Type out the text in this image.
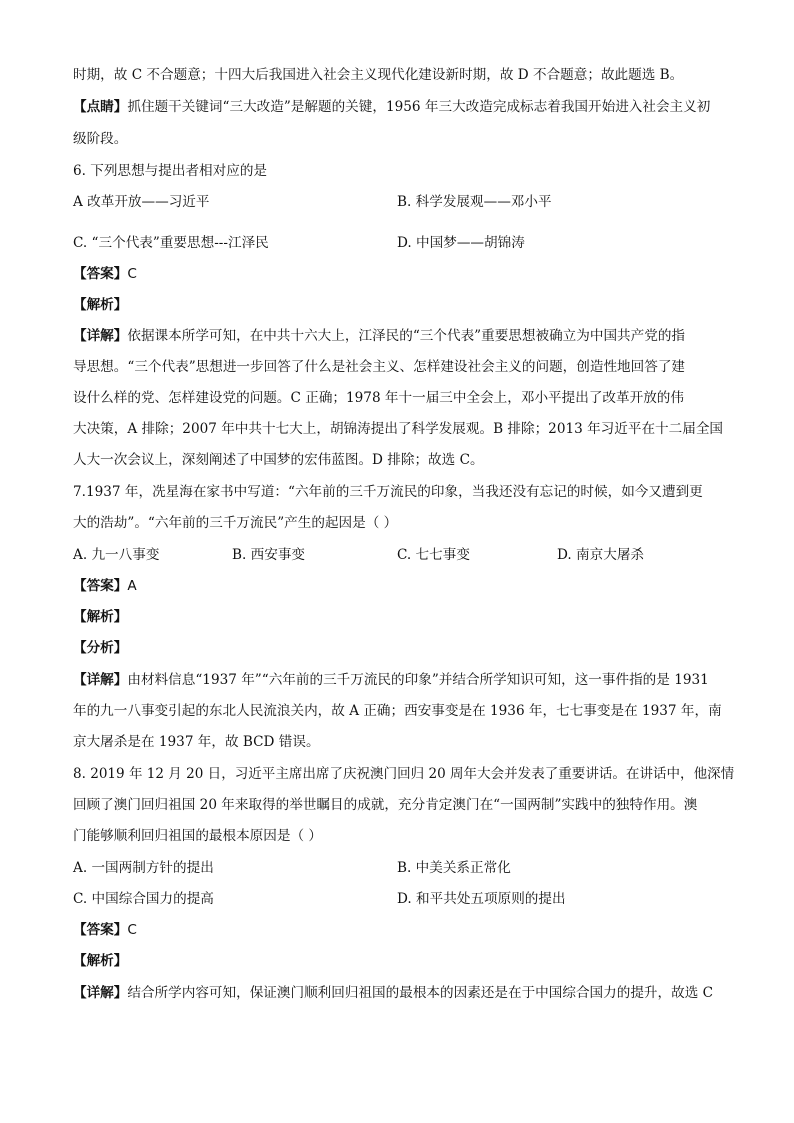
时期，故 C 不合题意；十四大后我国进入社会主义现代化建设新时期，故 D 不合题意；故此题选 B。
【点睛】抓住题干关键词“三大改造”是解题的关键，1956 年三大改造完成标志着我国开始进入社会主义初
级阶段。
6. 下列思想与提出者相对应的是
A 改革开放——习近平	B. 科学发展观——邓小平
C. “三个代表”重要思想---江泽民	D. 中国梦——胡锦涛
【答案】C
【解析】
【详解】依据课本所学可知，在中共十六大上，江泽民的“三个代表”重要思想被确立为中国共产党的指
导思想。“三个代表”思想进一步回答了什么是社会主义、怎样建设社会主义的问题，创造性地回答了建
设什么样的党、怎样建设党的问题。C 正确；1978 年十一届三中全会上，邓小平提出了改革开放的伟
大决策，A 排除；2007 年中共十七大上，胡锦涛提出了科学发展观。B 排除；2013 年习近平在十二届全国
人大一次会议上，深刻阐述了中国梦的宏伟蓝图。D 排除；故选 C。
7.1937 年，冼星海在家书中写道：“六年前的三千万流民的印象，当我还没有忘记的时候，如今又遭到更
大的浩劫”。“六年前的三千万流民”产生的起因是（ ）
A. 九一八事变	B. 西安事变	C. 七七事变	D. 南京大屠杀
【答案】A
【解析】
【分析】
【详解】由材料信息“1937 年”“六年前的三千万流民的印象”并结合所学知识可知，这一事件指的是 1931
年的九一八事变引起的东北人民流浪关内，故 A 正确；西安事变是在 1936 年，七七事变是在 1937 年，南
京大屠杀是在 1937 年，故 BCD 错误。
8. 2019 年 12 月 20 日，习近平主席出席了庆祝澳门回归 20 周年大会并发表了重要讲话。在讲话中，他深情
回顾了澳门回归祖国 20 年来取得的举世瞩目的成就，充分肯定澳门在“一国两制”实践中的独特作用。澳
门能够顺利回归祖国的最根本原因是（ ）
A. 一国两制方针的提出	B. 中美关系正常化
C. 中国综合国力的提高	D. 和平共处五项原则的提出
【答案】C
【解析】
【详解】结合所学内容可知，保证澳门顺利回归祖国的最根本的因素还是在于中国综合国力的提升，故选 C
